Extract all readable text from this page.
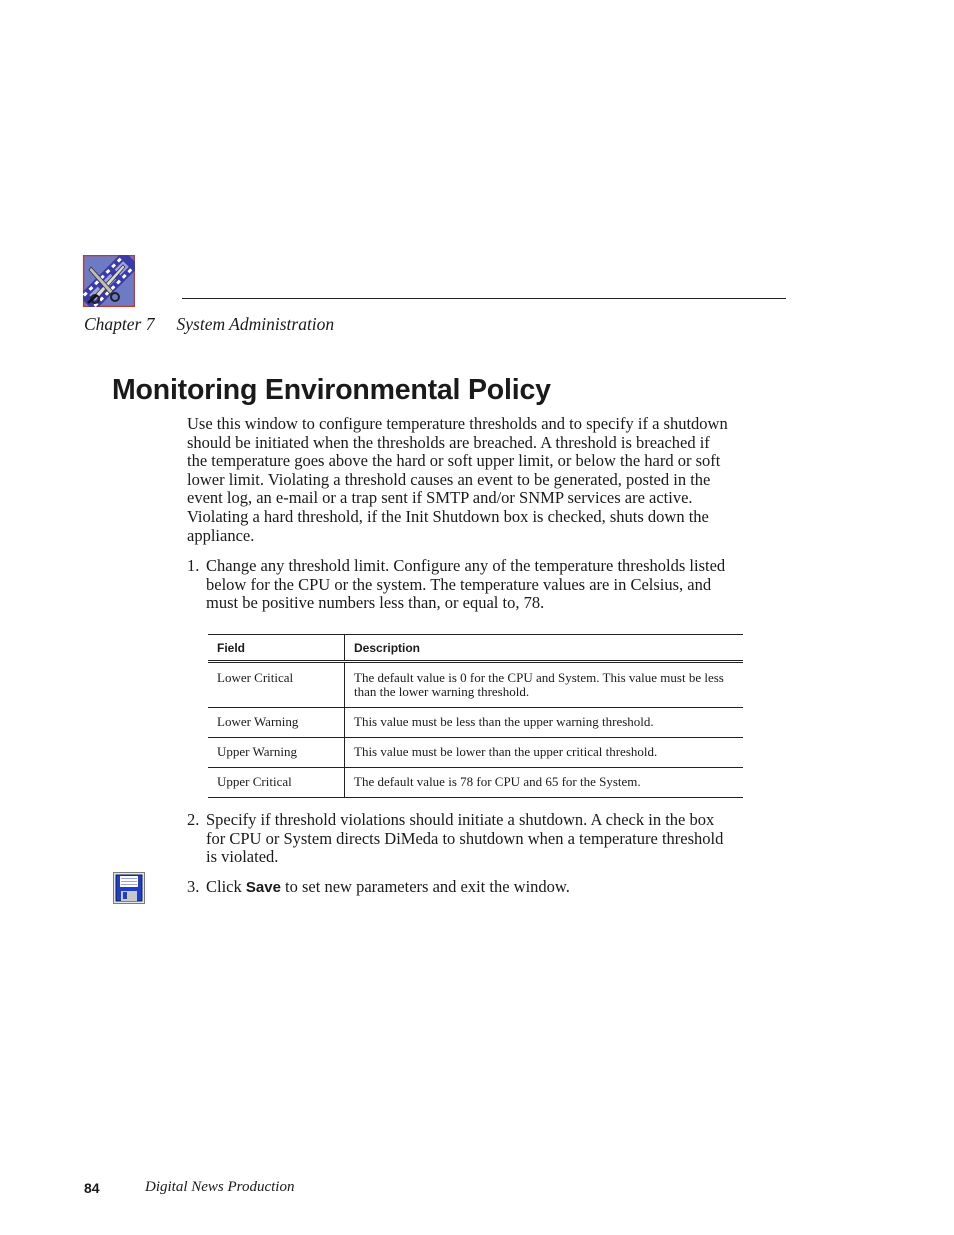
Chapter 7 System Administration
Monitoring Environmental Policy

Use this window to configure temperature thresholds and to specify if a shutdown should be initiated when the thresholds are breached. A threshold is breached if the temperature goes above the hard or soft upper limit, or below the hard or soft lower limit. Violating a threshold causes an event to be generated, posted in the event log, an e-mail or a trap sent if SMTP and/or SNMP services are active. Violating a hard threshold, if the Init Shutdown box is checked, shuts down the appliance.

1. Change any threshold limit. Configure any of the temperature thresholds listed below for the CPU or the system. The temperature values are in Celsius, and must be positive numbers less than, or equal to, 78.
Field	Description
Lower Critical	The default value is 0 for the CPU and System. This value must be less than the lower warning threshold.
Lower Warning	This value must be less than the upper warning threshold.
Upper Warning	This value must be lower than the upper critical threshold.
Upper Critical	The default value is 78 for CPU and 65 for the System.
2. Specify if threshold violations should initiate a shutdown. A check in the box for CPU or System directs DiMeda to shutdown when a temperature threshold is violated.
3. Click Save to set new parameters and exit the window.
84	Digital News Production
